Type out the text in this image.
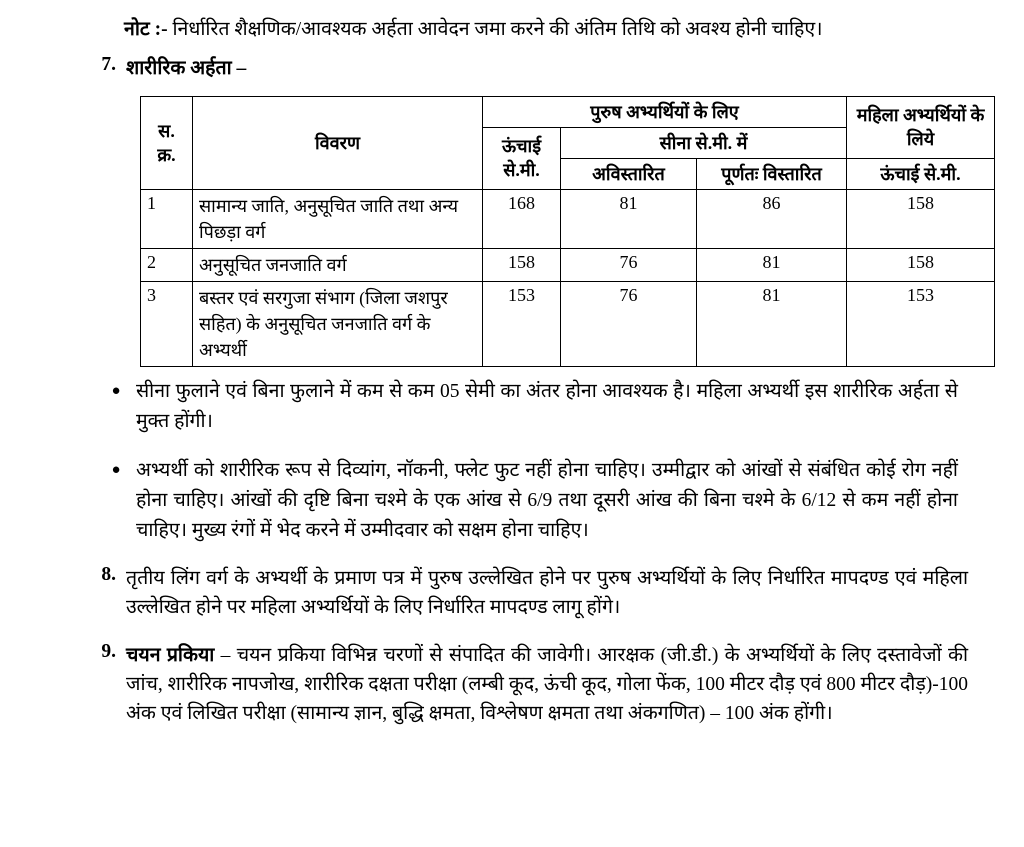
नोट :- निर्धारित शैक्षणिक/आवश्यक अर्हता आवेदन जमा करने की अंतिम तिथि को अवश्य होनी चाहिए।
7. शारीरिक अर्हता –
स. क्र.	विवरण	पुरुष अभ्यर्थियों के लिए			महिला अभ्यर्थियों के लिये
		ऊंचाई से.मी.	सीना से.मी. में		
			अविस्तारित	पूर्णतः विस्तारित	ऊंचाई से.मी.
1	सामान्य जाति, अनुसूचित जाति तथा अन्य पिछड़ा वर्ग	168	81	86	158
2	अनुसूचित जनजाति वर्ग	158	76	81	158
3	बस्तर एवं सरगुजा संभाग (जिला जशपुर सहित) के अनुसूचित जनजाति वर्ग के अभ्यर्थी	153	76	81	153
● सीना फुलाने एवं बिना फुलाने में कम से कम 05 सेमी का अंतर होना आवश्यक है। महिला अभ्यर्थी इस शारीरिक अर्हता से मुक्त होंगी।
● अभ्यर्थी को शारीरिक रूप से दिव्यांग, नॉकनी, फ्लेट फुट नहीं होना चाहिए। उम्मीद्वार को आंखों से संबंधित कोई रोग नहीं होना चाहिए। आंखों की दृष्टि बिना चश्मे के एक आंख से 6/9 तथा दूसरी आंख की बिना चश्मे के 6/12 से कम नहीं होना चाहिए। मुख्य रंगों में भेद करने में उम्मीदवार को सक्षम होना चाहिए।
8. तृतीय लिंग वर्ग के अभ्यर्थी के प्रमाण पत्र में पुरुष उल्लेखित होने पर पुरुष अभ्यर्थियों के लिए निर्धारित मापदण्ड एवं महिला उल्लेखित होने पर महिला अभ्यर्थियों के लिए निर्धारित मापदण्ड लागू होंगे।
9. चयन प्रकिया – चयन प्रकिया विभिन्न चरणों से संपादित की जावेगी। आरक्षक (जी.डी.) के अभ्यर्थियों के लिए दस्तावेजों की जांच, शारीरिक नापजोख, शारीरिक दक्षता परीक्षा (लम्बी कूद, ऊंची कूद, गोला फेंक, 100 मीटर दौड़ एवं 800 मीटर दौड़)-100 अंक एवं लिखित परीक्षा (सामान्य ज्ञान, बुद्धि क्षमता, विश्लेषण क्षमता तथा अंकगणित) – 100 अंक होंगी।
